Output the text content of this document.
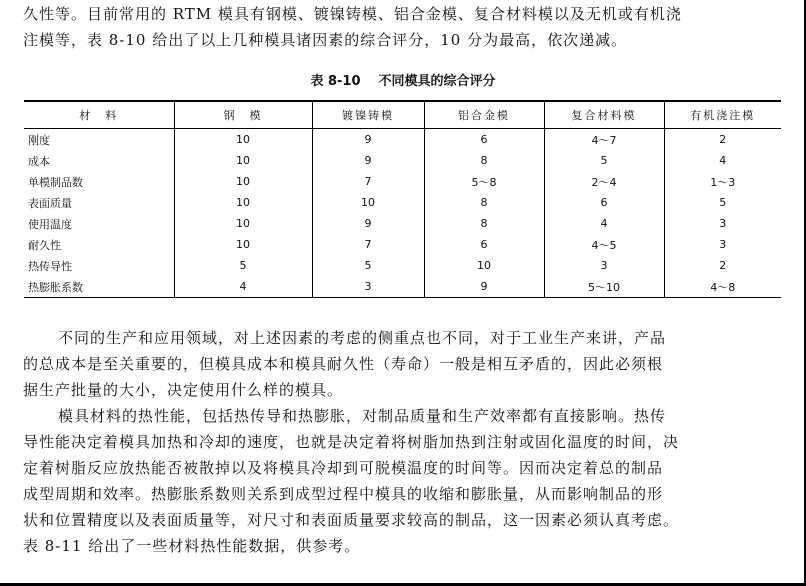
久性等。目前常用的 RTM 模具有钢模、镀镍铸模、铝合金模、复合材料模以及无机或有机浇
注模等，表 8-10 给出了以上几种模具诸因素的综合评分，10 分为最高，依次递减。
表 8-10 不同模具的综合评分
材　料	钢　模	镀镍铸模	铝合金模	复合材料模	有机浇注模
刚度	10	9	6	4～7	2
成本	10	9	8	5	4
单模制品数	10	7	5～8	2～4	1～3
表面质量	10	10	8	6	5
使用温度	10	9	8	4	3
耐久性	10	7	6	4～5	3
热传导性	5	5	10	3	2
热膨胀系数	4	3	9	5～10	4～8
不同的生产和应用领域，对上述因素的考虑的侧重点也不同，对于工业生产来讲，产品
的总成本是至关重要的，但模具成本和模具耐久性（寿命）一般是相互矛盾的，因此必须根
据生产批量的大小，决定使用什么样的模具。
模具材料的热性能，包括热传导和热膨胀，对制品质量和生产效率都有直接影响。热传
导性能决定着模具加热和冷却的速度，也就是决定着将树脂加热到注射或固化温度的时间，决
定着树脂反应放热能否被散掉以及将模具冷却到可脱模温度的时间等。因而决定着总的制品
成型周期和效率。热膨胀系数则关系到成型过程中模具的收缩和膨胀量，从而影响制品的形
状和位置精度以及表面质量等，对尺寸和表面质量要求较高的制品，这一因素必须认真考虑。
表 8-11 给出了一些材料热性能数据，供参考。
